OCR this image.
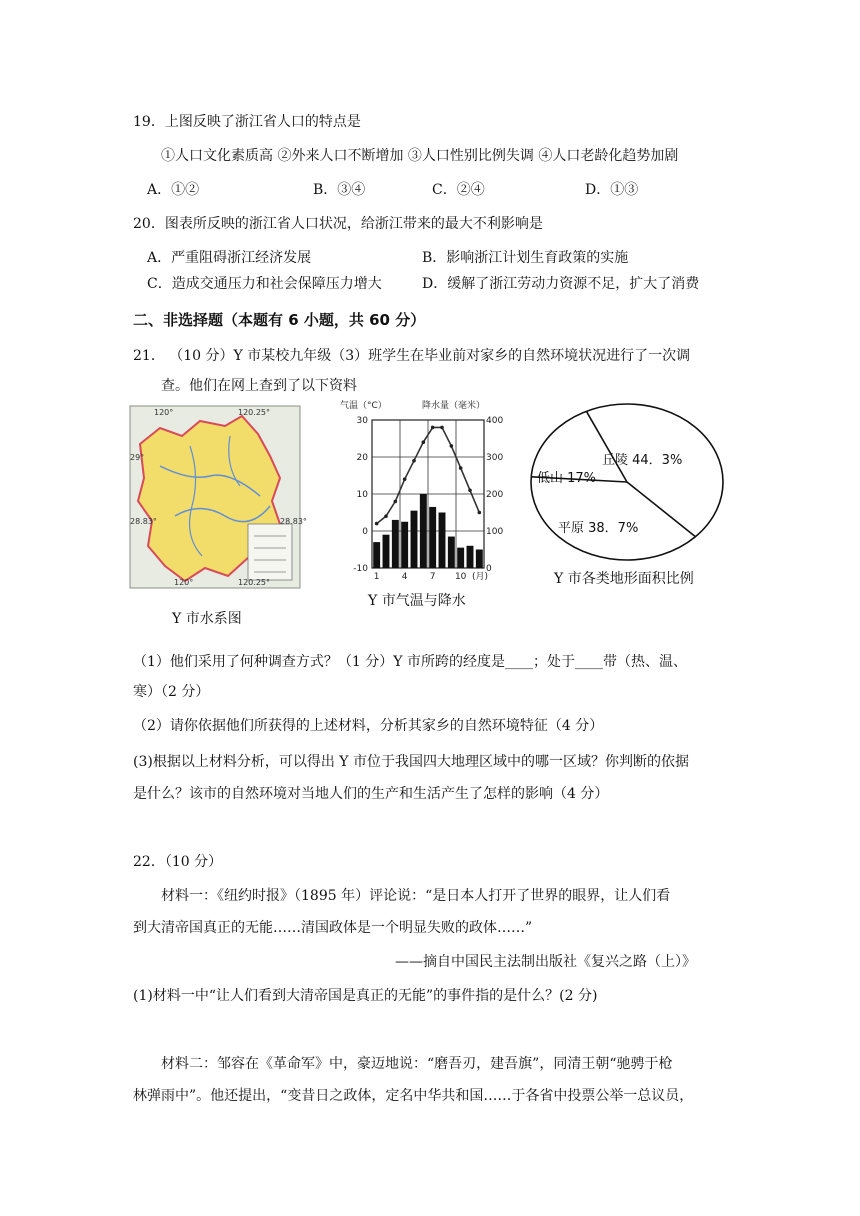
19．上图反映了浙江省人口的特点是
①人口文化素质高 ②外来人口不断增加 ③人口性别比例失调 ④人口老龄化趋势加剧
A．①②	B．③④	C．②④	D．①③
20．图表所反映的浙江省人口状况，给浙江带来的最大不利影响是
A．严重阻碍浙江经济发展	B．影响浙江计划生育政策的实施
C．造成交通压力和社会保障压力增大	D．缓解了浙江劳动力资源不足，扩大了消费
二、非选择题（本题有 6 小题，共 60 分）
21． （10 分）Y 市某校九年级（3）班学生在毕业前对家乡的自然环境状况进行了一次调
查。他们在网上查到了以下资料
120°	120.25°
29°
28.83°	28.83°
120°	120.25°
Y 市水系图
气温（°C）	降水量（毫米）
30
20
10
0
-10
400
300
200
100
0
1 4 7 10 (月)
Y 市气温与降水
丘陵 44．3%
平原 38．7%
低山 17%
Y 市各类地形面积比例
（1）他们采用了何种调查方式？（1 分）Y 市所跨的经度是____；处于____带（热、温、
寒）（2 分）
（2）请你依据他们所获得的上述材料，分析其家乡的自然环境特征（4 分）
(3)根据以上材料分析，可以得出 Y 市位于我国四大地理区域中的哪一区域？你判断的依据
是什么？该市的自然环境对当地人们的生产和生活产生了怎样的影响（4 分）
22．（10 分）
材料一：《纽约时报》（1895 年）评论说：“是日本人打开了世界的眼界，让人们看
到大清帝国真正的无能……清国政体是一个明显失败的政体……”
——摘自中国民主法制出版社《复兴之路（上）》
(1)材料一中“让人们看到大清帝国是真正的无能”的事件指的是什么？(2 分)
材料二：邹容在《革命军》中，豪迈地说：“磨吾刃，建吾旗”，同清王朝“驰骋于枪
林弹雨中”。他还提出，“变昔日之政体，定名中华共和国……于各省中投票公举一总议员，
